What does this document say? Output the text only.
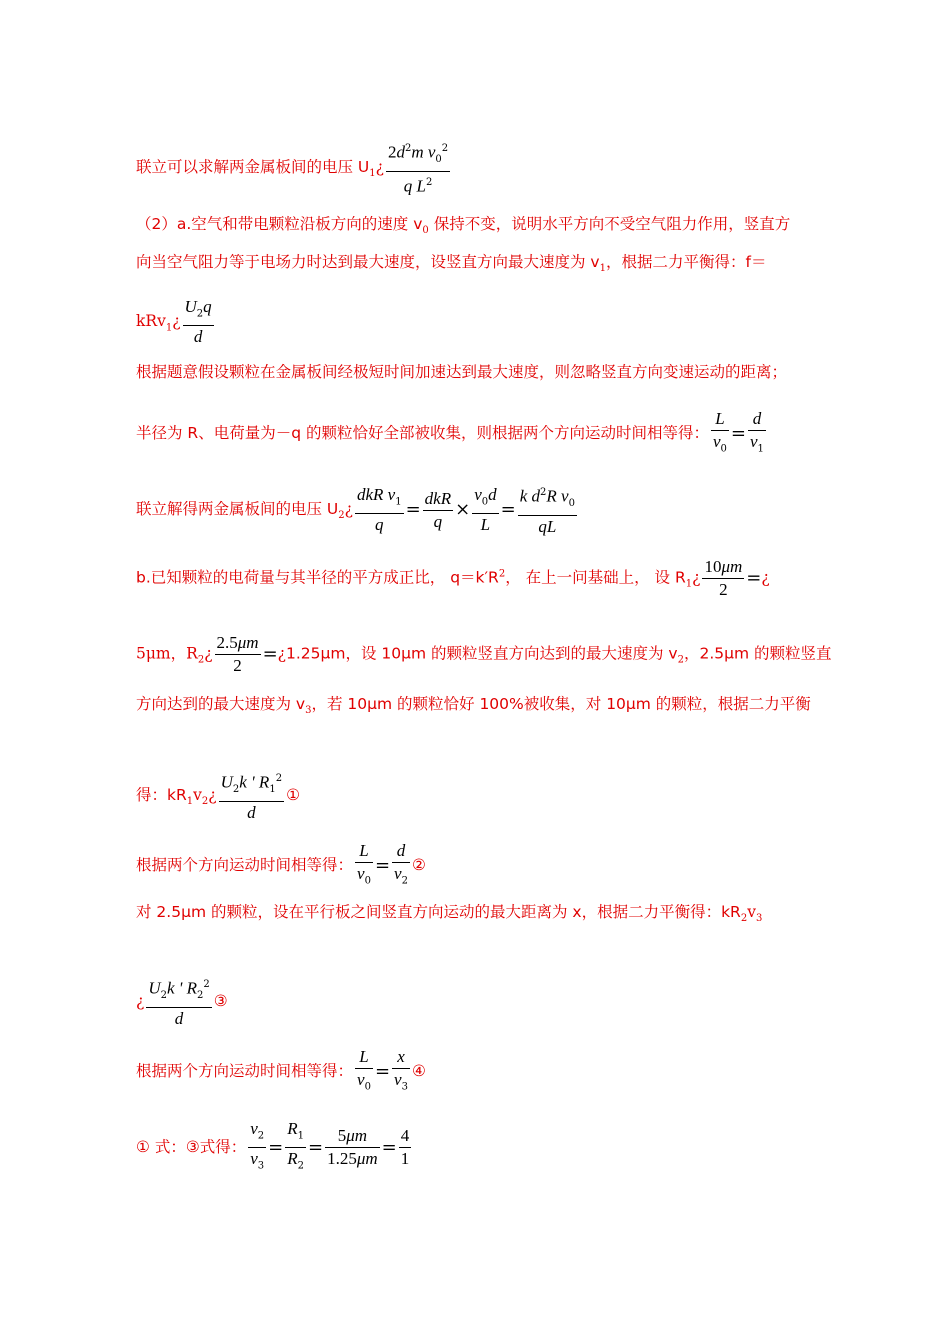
联立可以求解两金属板间的电压 $U_1¿ \frac{2d^2m v_0^2}{q L^2}$
（2）a.空气和带电颗粒沿板方向的速度 $v_0$ 保持不变，说明水平方向不受空气阻力作用，竖直方
向当空气阻力等于电场力时达到最大速度，设竖直方向最大速度为 $v_1$，根据二力平衡得：f＝
kRv$_1$¿ $\frac{U_2q}{d}$
根据题意假设颗粒在金属板间经极短时间加速达到最大速度，则忽略竖直方向变速运动的距离；
半径为 R、电荷量为－q 的颗粒恰好全部被收集，则根据两个方向运动时间相等得： $\frac{L}{v_0} = \frac{d}{v_1}$
联立解得两金属板间的电压 $U_2¿ \frac{dkR v_1}{q} = \frac{\text{dkR}}{q} \times \frac{v_0d}{L} = \frac{k d^2R v_0}{qL}$
b.已知颗粒的电荷量与其半径的平方成正比， $q=k'R^2$， 在上一问基础上， 设 $R_1¿ \frac{10\mu m}{2}$ =¿
5μm，$R_2¿ \frac{2.5\mu m}{2}$ =¿1.25μm，设 10μm 的颗粒竖直方向达到的最大速度为 $v_2$，2.5μm 的颗粒竖直
方向达到的最大速度为 $v_3$，若 10μm 的颗粒恰好 100%被收集，对 10μm 的颗粒，根据二力平衡
得：$kR_1v_2¿ \frac{U_2k ' R_1^2}{d}$ ①
根据两个方向运动时间相等得： $\frac{L}{v_0} = \frac{d}{v_2}$ ②
对 2.5μm 的颗粒，设在平行板之间竖直方向运动的最大距离为 x，根据二力平衡得：$kR_2v_3$
¿ $\frac{U_2k ' R_2^2}{d}$ ③
根据两个方向运动时间相等得： $\frac{L}{v_0} = \frac{x}{v_3}$ ④
① 式：③式得： $\frac{v_2}{v_3} = \frac{R_1}{R_2} = \frac{5\mu m}{1.25\mu m} = \frac{4}{1}$
